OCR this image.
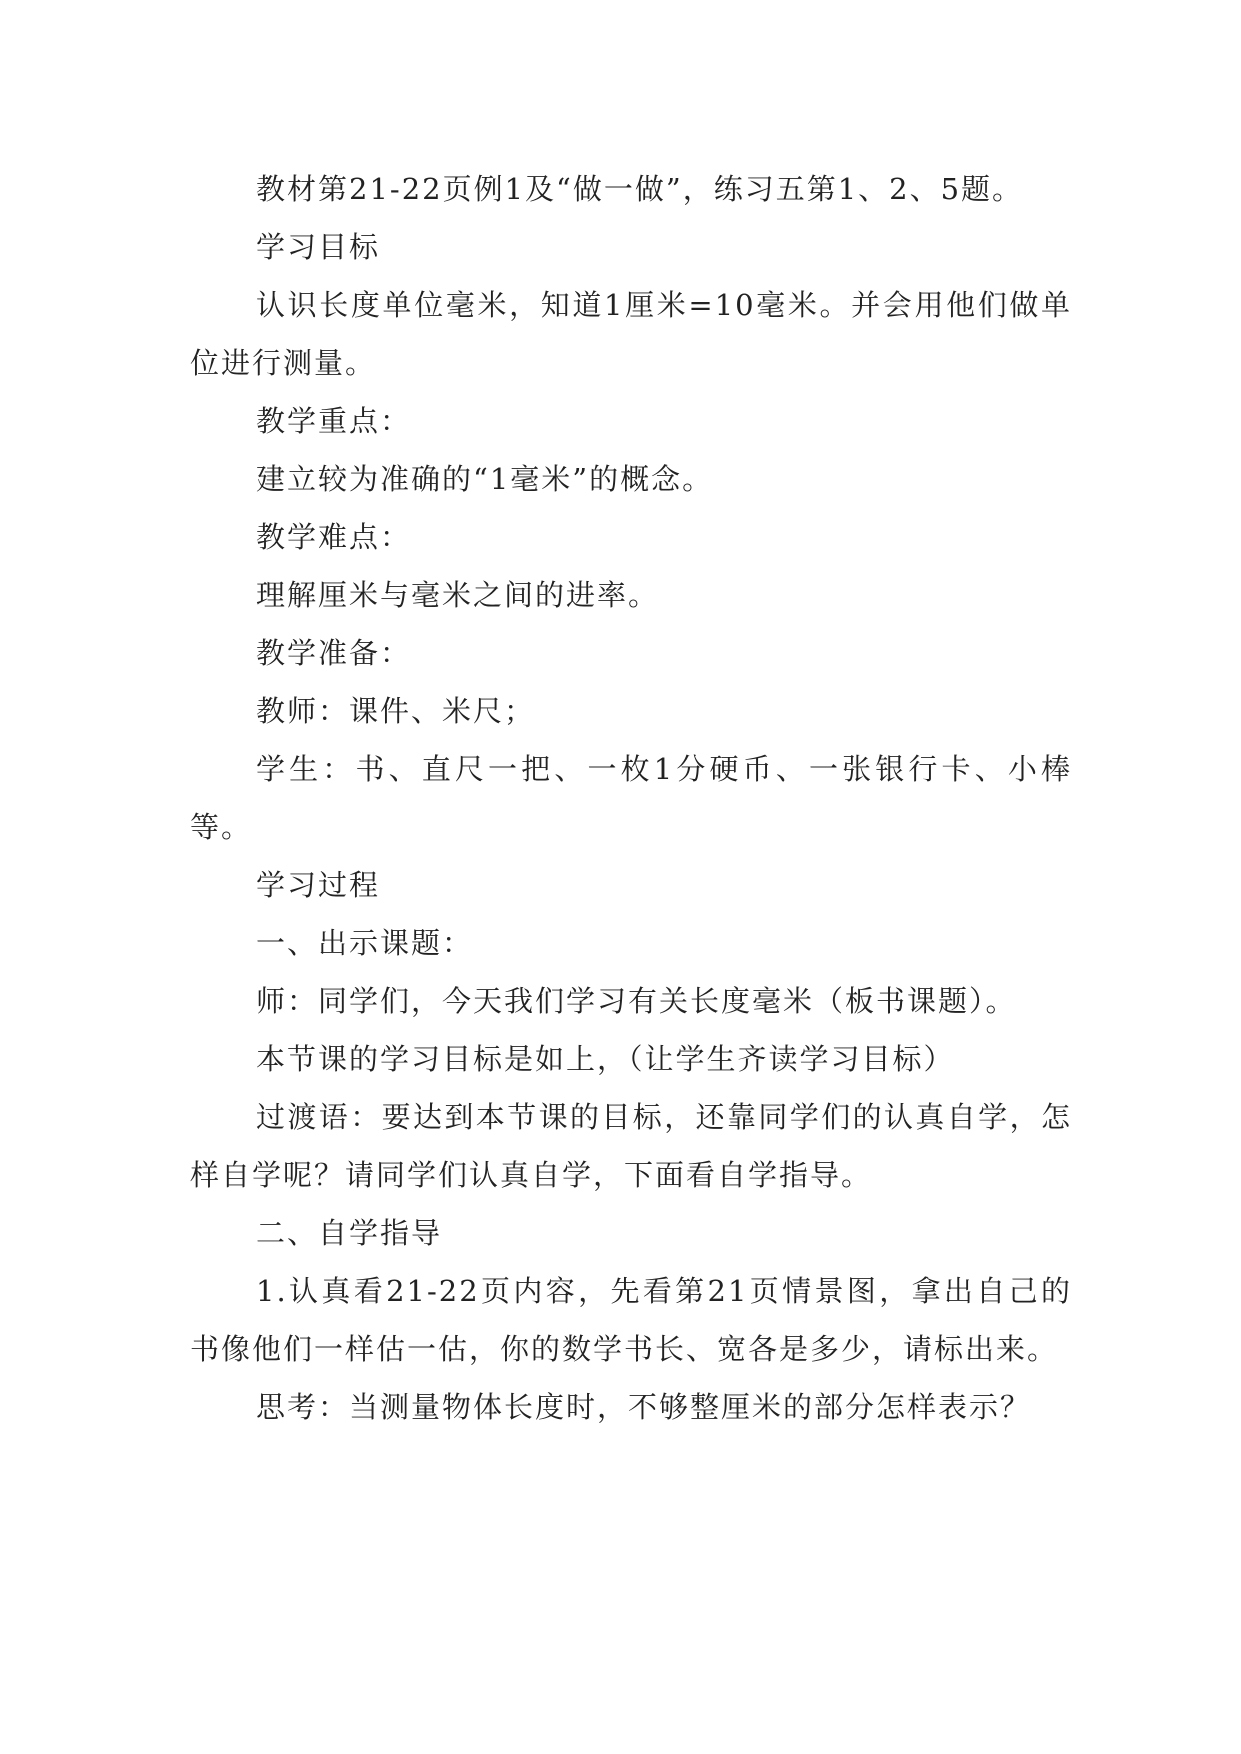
教材第21-22页例1及“做一做”，练习五第1、2、5题。

学习目标

认识长度单位毫米，知道1厘米=10毫米。并会用他们做单位进行测量。

教学重点：

建立较为准确的“1毫米”的概念。

教学难点：

理解厘米与毫米之间的进率。

教学准备：

教师：课件、米尺；

学生：书、直尺一把、一枚1分硬币、一张银行卡、小棒等。

学习过程

一、出示课题：

师：同学们，今天我们学习有关长度毫米（板书课题）。

本节课的学习目标是如上，（让学生齐读学习目标）

过渡语：要达到本节课的目标，还靠同学们的认真自学，怎样自学呢？请同学们认真自学，下面看自学指导。

二、自学指导

1.认真看21-22页内容，先看第21页情景图，拿出自己的书像他们一样估一估，你的数学书长、宽各是多少，请标出来。

思考：当测量物体长度时，不够整厘米的部分怎样表示？
